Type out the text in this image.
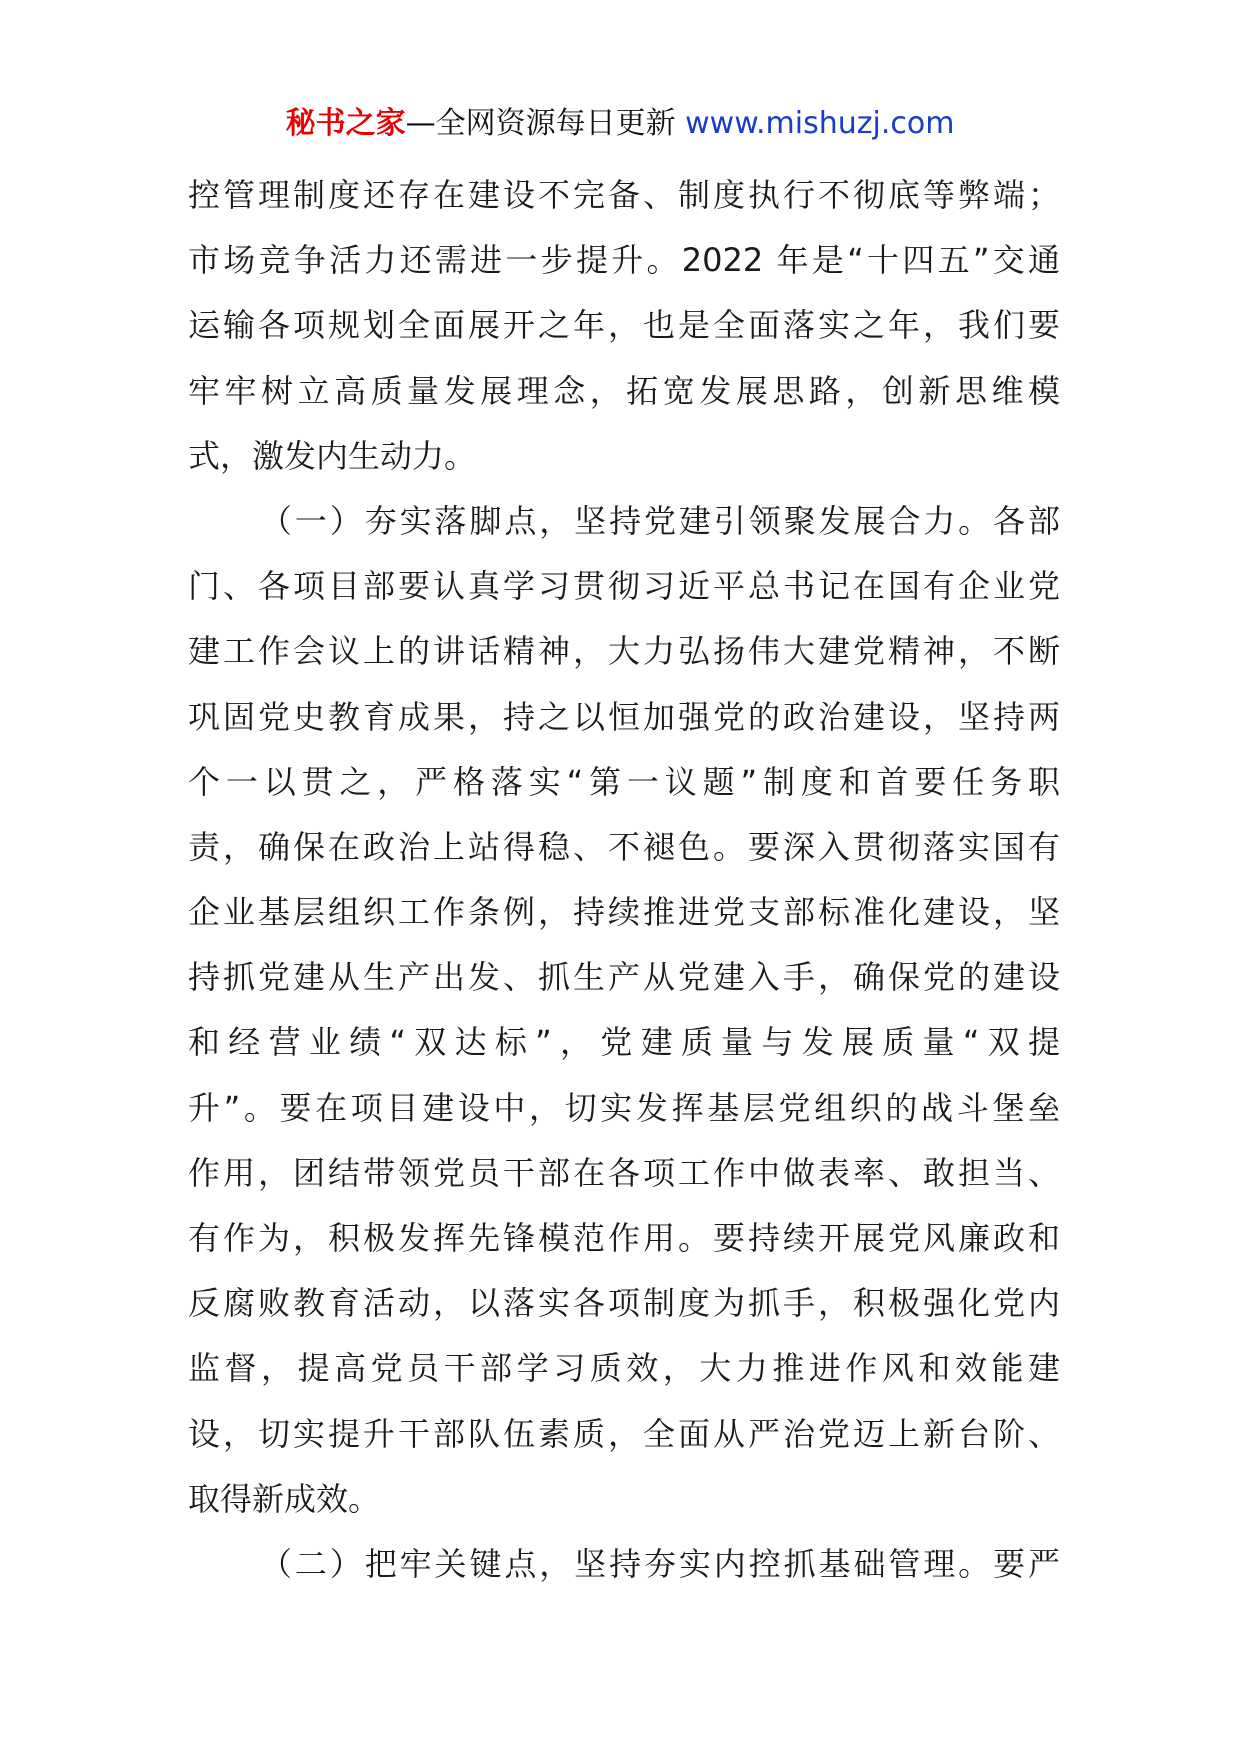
秘书之家—全网资源每日更新 www.mishuzj.com
控管理制度还存在建设不完备、制度执行不彻底等弊端；
市场竞争活力还需进一步提升。2022 年是“十四五”交通
运输各项规划全面展开之年，也是全面落实之年，我们要
牢牢树立高质量发展理念，拓宽发展思路，创新思维模
式，激发内生动力。
（一）夯实落脚点，坚持党建引领聚发展合力。各部
门、各项目部要认真学习贯彻习近平总书记在国有企业党
建工作会议上的讲话精神，大力弘扬伟大建党精神，不断
巩固党史教育成果，持之以恒加强党的政治建设，坚持两
个一以贯之，严格落实“第一议题”制度和首要任务职
责，确保在政治上站得稳、不褪色。要深入贯彻落实国有
企业基层组织工作条例，持续推进党支部标准化建设，坚
持抓党建从生产出发、抓生产从党建入手，确保党的建设
和经营业绩“双达标”，党建质量与发展质量“双提
升”。要在项目建设中，切实发挥基层党组织的战斗堡垒
作用，团结带领党员干部在各项工作中做表率、敢担当、
有作为，积极发挥先锋模范作用。要持续开展党风廉政和
反腐败教育活动，以落实各项制度为抓手，积极强化党内
监督，提高党员干部学习质效，大力推进作风和效能建
设，切实提升干部队伍素质，全面从严治党迈上新台阶、
取得新成效。
（二）把牢关键点，坚持夯实内控抓基础管理。要严
